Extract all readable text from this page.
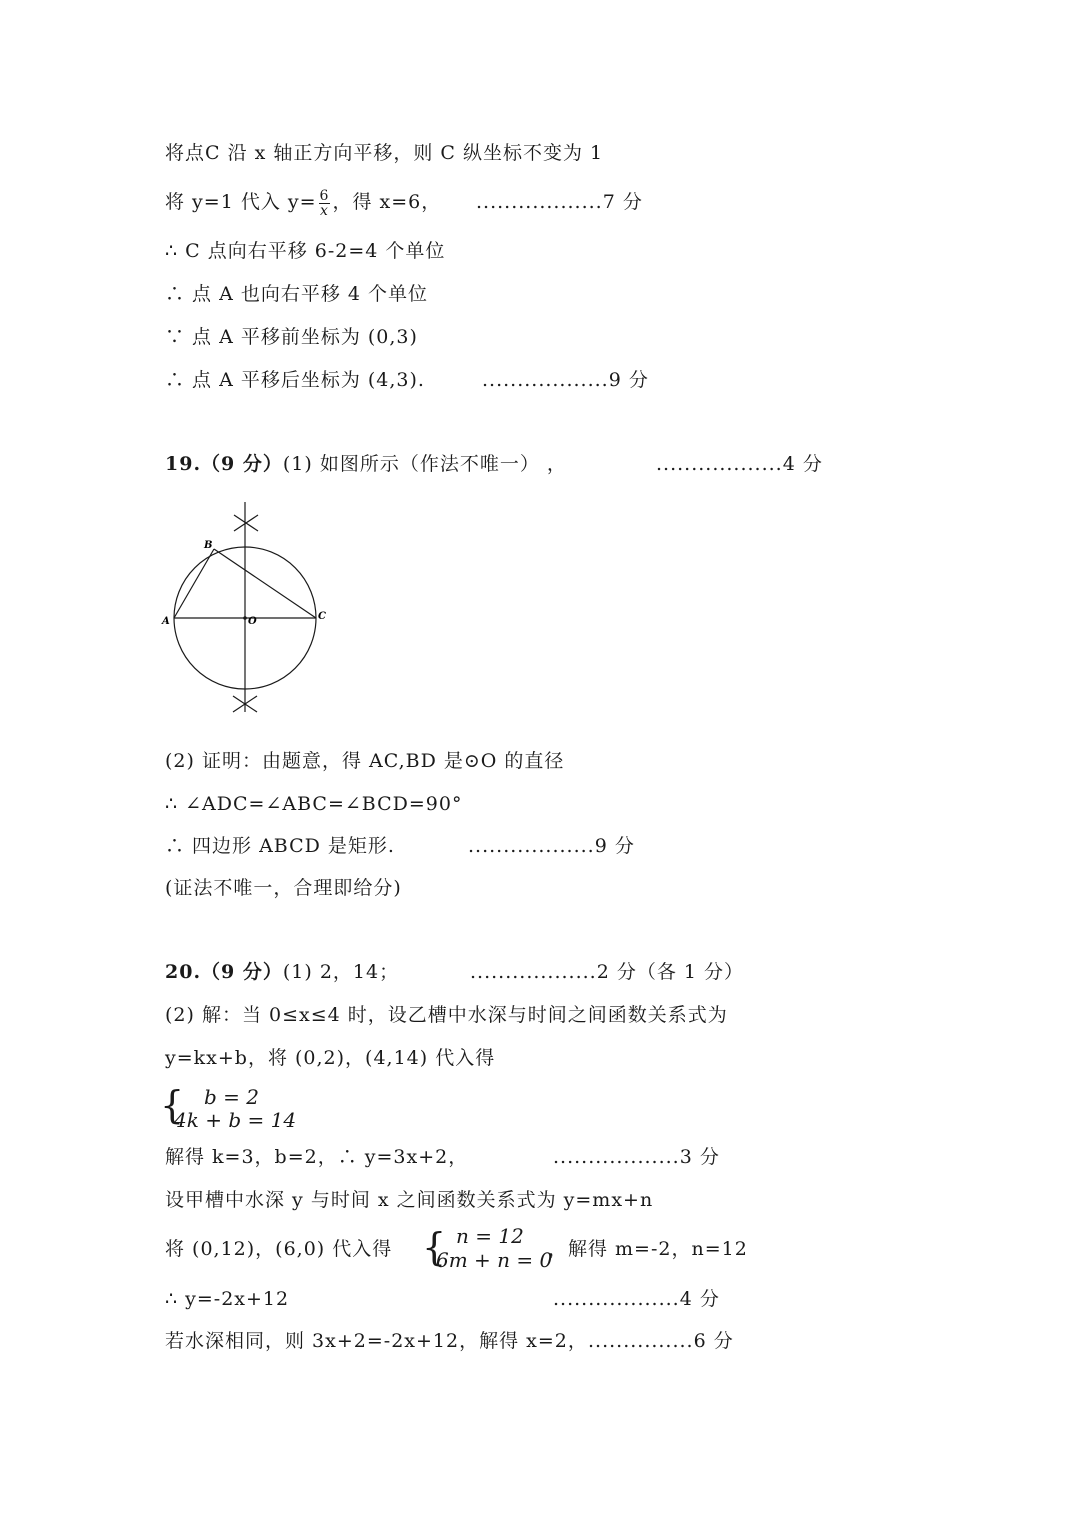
将点C 沿 x 轴正方向平移，则 C 纵坐标不变为 1
将 y=1 代入 $y= \frac{6}{x}$ ，得 x=6， ..................7 分
∴ C 点向右平移 6-2=4 个单位
∴ 点 A 也向右平移 4 个单位
∵ 点 A 平移前坐标为 (0,3)
∴ 点 A 平移后坐标为 (4,3).	..................9 分
19.（9 分）(1) 如图所示（作法不唯一） ，	..................4 分
A
B
C
O
(2) 证明：由题意，得 AC,BD 是⊙O 的直径
∴ ∠ADC=∠ABC=∠BCD=90°
∴ 四边形 ABCD 是矩形.	..................9 分
(证法不唯一，合理即给分)
20.（9 分）(1) 2，14；	..................2 分（各 1 分）
(2) 解：当 0≤x≤4 时，设乙槽中水深与时间之间函数关系式为
y=kx+b，将 (0,2)，(4,14) 代入得
{ b = 2
4k + b = 14
解得 k=3，b=2，∴ y=3x+2，	..................3 分
设甲槽中水深 y 与时间 x 之间函数关系式为 y=mx+n
将 (0,12)，(6,0) 代入得 { n = 12
6m + n = 0
，解得 m=-2，n=12
∴ y=-2x+12	..................4 分
若水深相同，则 3x+2=-2x+12，解得 x=2， ...............6 分
